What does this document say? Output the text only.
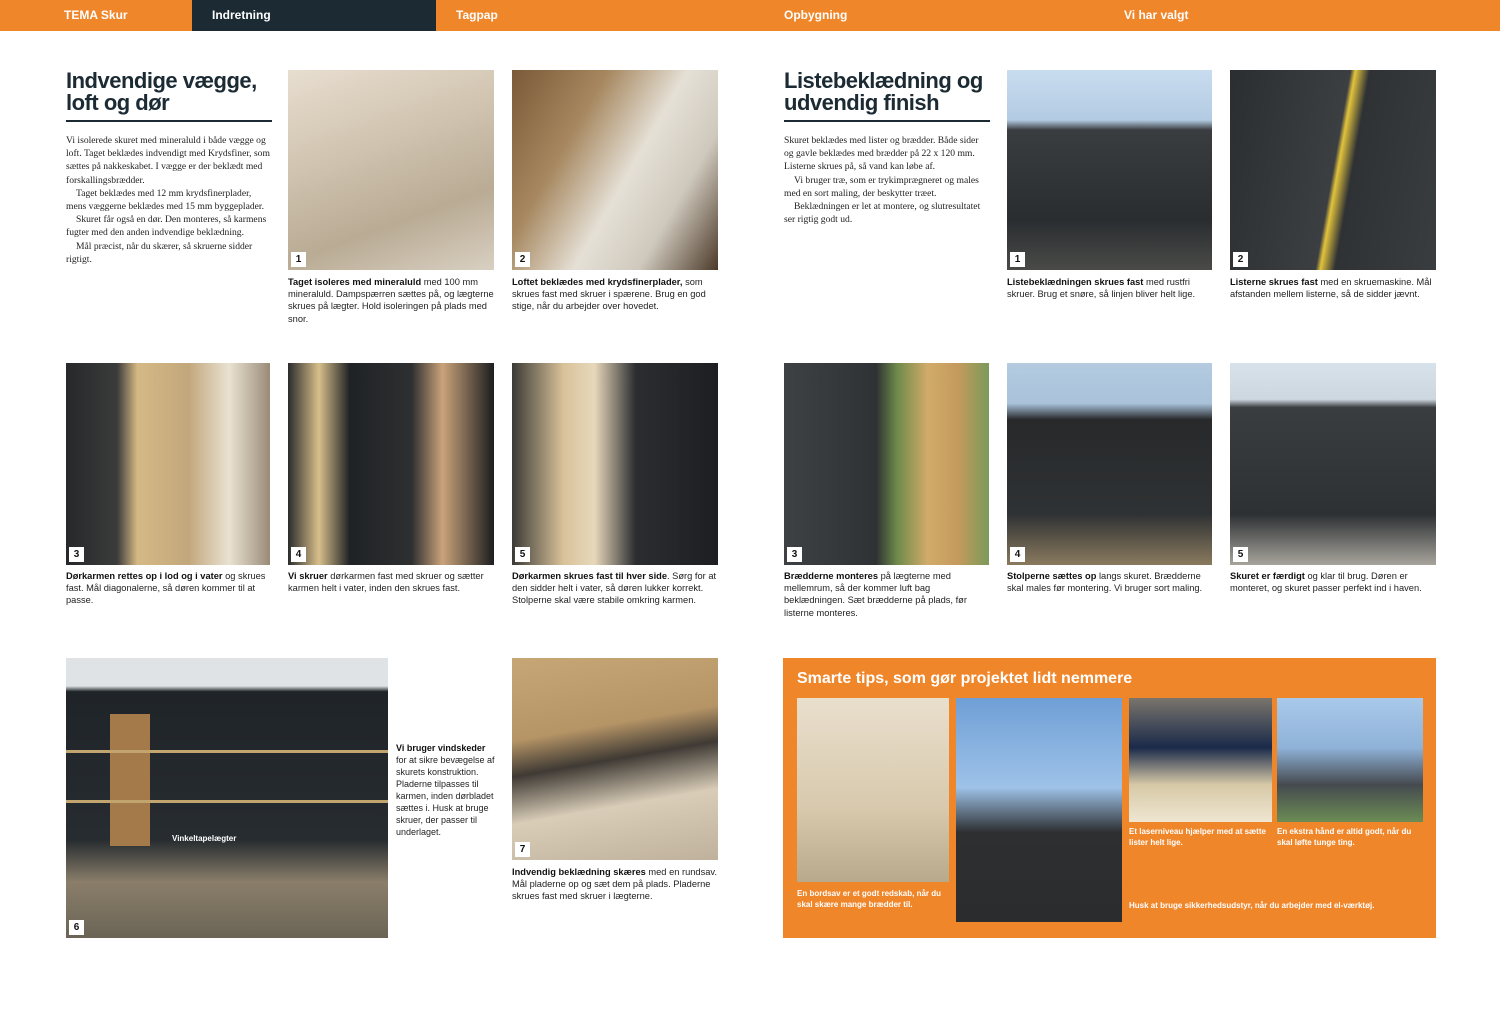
TEMA Skur	Indretning	Tagpap	Opbygning	Vi har valgt
Indvendige vægge,
loft og dør

Vi isolerede skuret med mineraluld i både vægge og loft. Taget beklædes indvendigt med Krydsfiner, som sættes på nakkeskabet. I vægge er der beklædt med forskallingsbrædder.

Taget beklædes med 12 mm krydsfinerplader, mens væggerne beklædes med 15 mm byggeplader.

Skuret får også en dør. Den monteres, så karmens fugter med den anden indvendige beklædning.

Mål præcist, når du skærer, så skruerne sidder rigtigt.	1
Taget isoleres med mineraluld med 100 mm mineraluld. Dampspærren sættes på, og lægterne skrues på lægter. Hold isoleringen på plads med snor.
2
Loftet beklædes med krydsfinerplader, som skrues fast med skruer i spærene. Brug en god stige, når du arbejder over hovedet.
3
Dørkarmen rettes op i lod og i vater og skrues fast. Mål diagonalerne, så døren kommer til at passe.
4
Vi skruer dørkarmen fast med skruer og sætter karmen helt i vater, inden den skrues fast.
5
Dørkarmen skrues fast til hver side. Sørg for at den sidder helt i vater, så døren lukker korrekt. Stolperne skal være stabile omkring karmen.
Vinkeltapelægter
6
Vi bruger vindskeder for at sikre bevægelse af skurets konstruktion. Pladerne tilpasses til karmen, inden dørbladet sættes i. Husk at bruge skruer, der passer til underlaget.
7
Indvendig beklædning skæres med en rundsav. Mål pladerne op og sæt dem på plads. Pladerne skrues fast med skruer i lægterne.
Listebeklædning og
udvendig finish

Skuret beklædes med lister og brædder. Både sider og gavle beklædes med brædder på 22 x 120 mm. Listerne skrues på, så vand kan løbe af.

Vi bruger træ, som er trykimprægneret og males med en sort maling, der beskytter træet.

Beklædningen er let at montere, og slutresultatet ser rigtig godt ud.

1
Listebeklædningen skrues fast med rustfri skruer. Brug et snøre, så linjen bliver helt lige.
2
Listerne skrues fast med en skruemaskine. Mål afstanden mellem listerne, så de sidder jævnt.
3
Brædderne monteres på lægterne med mellemrum, så der kommer luft bag beklædningen. Sæt brædderne på plads, før listerne monteres.
4
Stolperne sættes op langs skuret. Brædderne skal males før montering. Vi bruger sort maling.
5
Skuret er færdigt og klar til brug. Døren er monteret, og skuret passer perfekt ind i haven.
Smarte tips, som gør projektet lidt nemmere
En bordsav er et godt redskab, når du skal skære mange brædder til.
Et laserniveau hjælper med at sætte lister helt lige.
En ekstra hånd er altid godt, når du skal løfte tunge ting.
Husk at bruge sikkerhedsudstyr, når du arbejder med el-værktøj.
